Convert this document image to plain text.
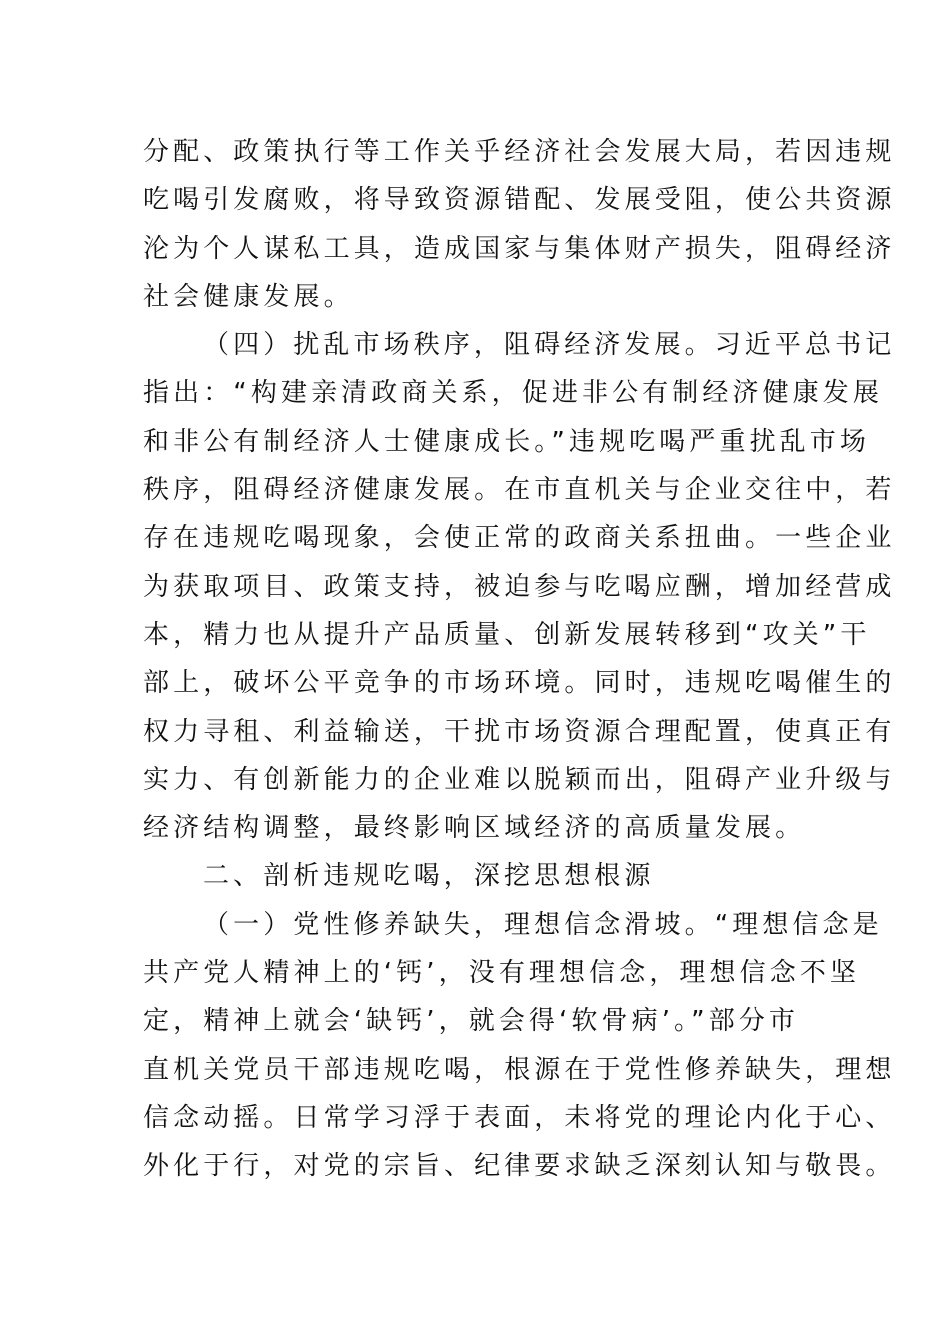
分配、政策执行等工作关乎经济社会发展大局，若因违规
吃喝引发腐败，将导致资源错配、发展受阻，使公共资源
沦为个人谋私工具，造成国家与集体财产损失，阻碍经济
社会健康发展。
（四）扰乱市场秩序，阻碍经济发展。习近平总书记
指出：“构建亲清政商关系，促进非公有制经济健康发展
和非公有制经济人士健康成长。”违规吃喝严重扰乱市场
秩序，阻碍经济健康发展。在市直机关与企业交往中，若
存在违规吃喝现象，会使正常的政商关系扭曲。一些企业
为获取项目、政策支持，被迫参与吃喝应酬，增加经营成
本，精力也从提升产品质量、创新发展转移到“攻关”干
部上，破坏公平竞争的市场环境。同时，违规吃喝催生的
权力寻租、利益输送，干扰市场资源合理配置，使真正有
实力、有创新能力的企业难以脱颖而出，阻碍产业升级与
经济结构调整，最终影响区域经济的高质量发展。
二、剖析违规吃喝，深挖思想根源
（一）党性修养缺失，理想信念滑坡。“理想信念是
共产党人精神上的‘钙’，没有理想信念，理想信念不坚
定，精神上就会‘缺钙’，就会得‘软骨病’。”部分市
直机关党员干部违规吃喝，根源在于党性修养缺失，理想
信念动摇。日常学习浮于表面，未将党的理论内化于心、
外化于行，对党的宗旨、纪律要求缺乏深刻认知与敬畏。
